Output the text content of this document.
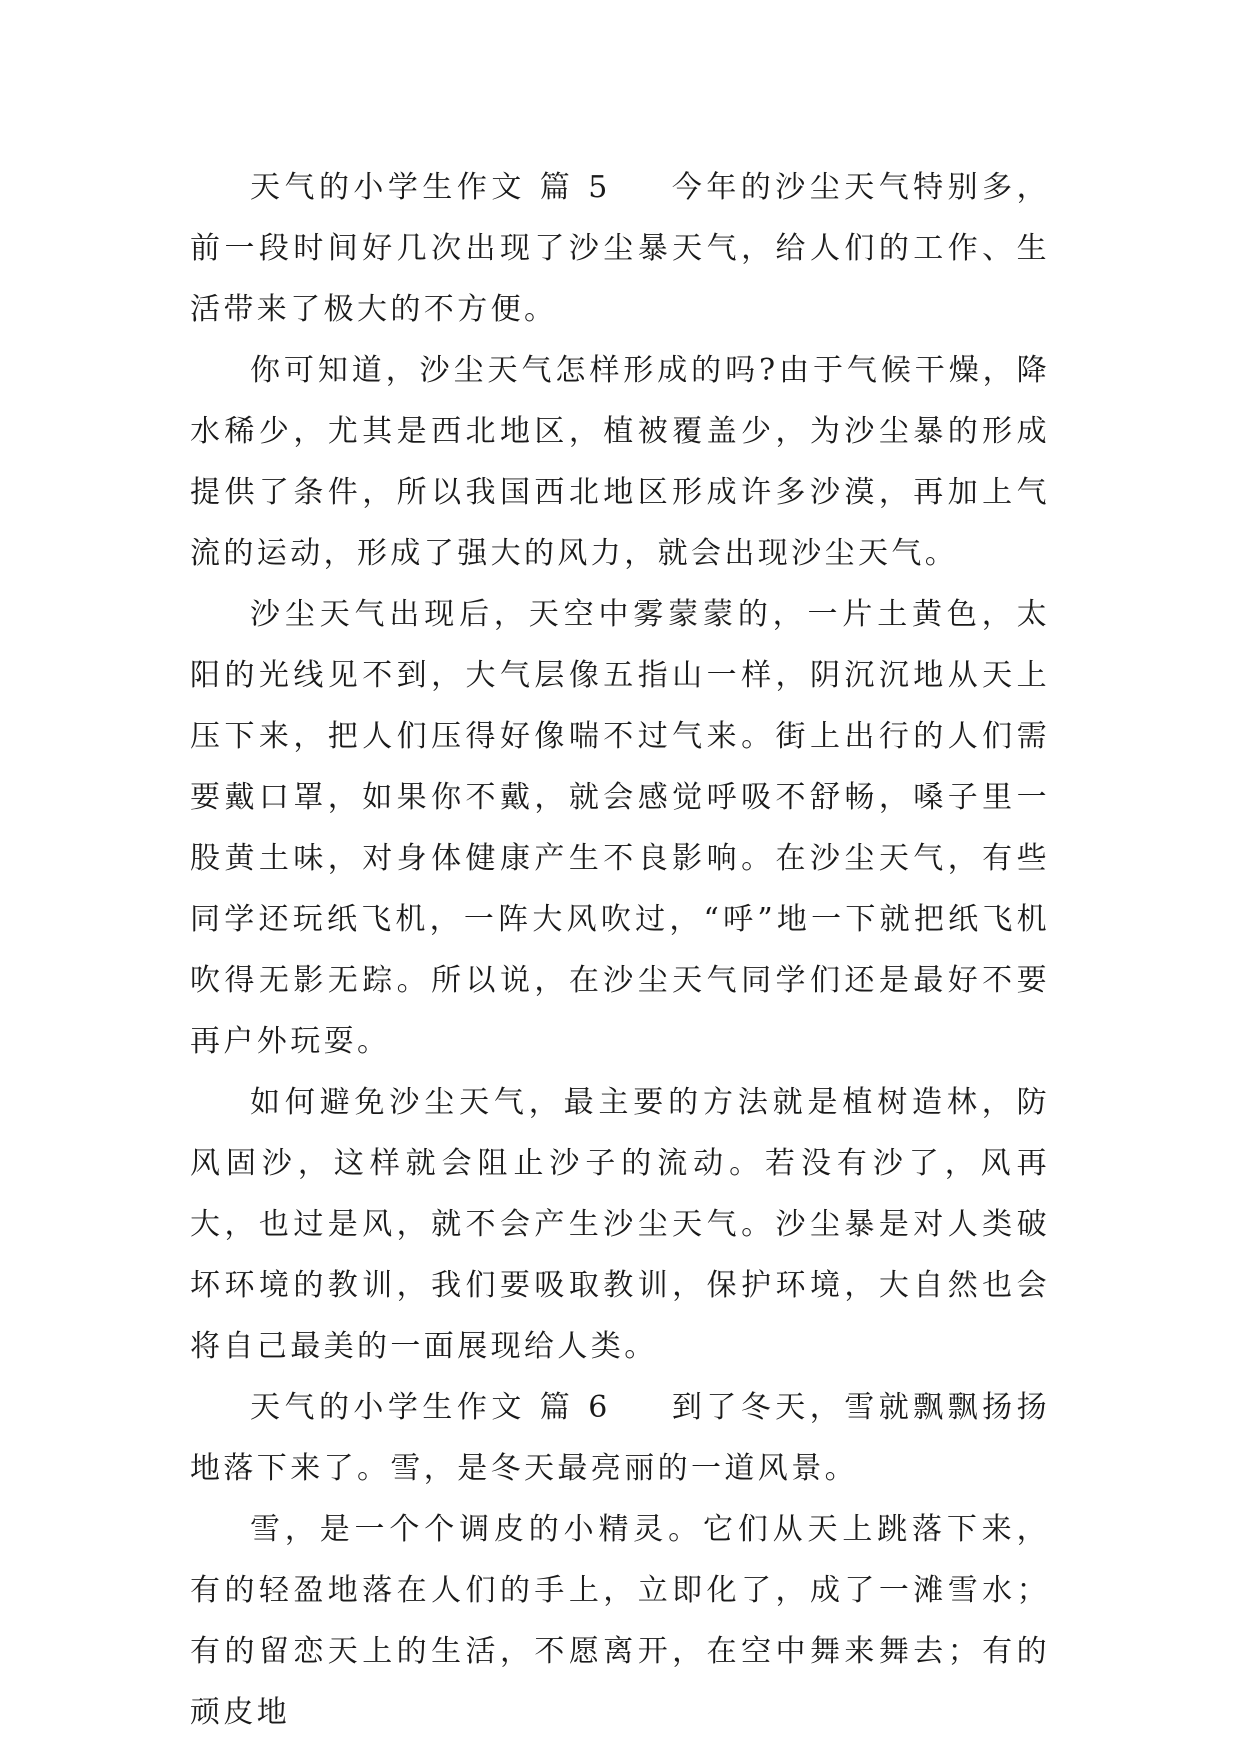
天气的小学生作文 篇 5 今年的沙尘天气特别多，前一段时间好几次出现了沙尘暴天气，给人们的工作、生活带来了极大的不方便。

你可知道，沙尘天气怎样形成的吗?由于气候干燥，降水稀少，尤其是西北地区，植被覆盖少，为沙尘暴的形成提供了条件，所以我国西北地区形成许多沙漠，再加上气流的运动，形成了强大的风力，就会出现沙尘天气。

沙尘天气出现后，天空中雾蒙蒙的，一片土黄色，太阳的光线见不到，大气层像五指山一样，阴沉沉地从天上压下来，把人们压得好像喘不过气来。街上出行的人们需要戴口罩，如果你不戴，就会感觉呼吸不舒畅，嗓子里一股黄土味，对身体健康产生不良影响。在沙尘天气，有些同学还玩纸飞机，一阵大风吹过，“呼”地一下就把纸飞机吹得无影无踪。所以说，在沙尘天气同学们还是最好不要再户外玩耍。

如何避免沙尘天气，最主要的方法就是植树造林，防风固沙，这样就会阻止沙子的流动。若没有沙了，风再大，也过是风，就不会产生沙尘天气。沙尘暴是对人类破坏环境的教训，我们要吸取教训，保护环境，大自然也会将自己最美的一面展现给人类。

天气的小学生作文 篇 6 到了冬天，雪就飘飘扬扬地落下来了。雪，是冬天最亮丽的一道风景。

雪，是一个个调皮的小精灵。它们从天上跳落下来，有的轻盈地落在人们的手上，立即化了，成了一滩雪水；有的留恋天上的生活，不愿离开，在空中舞来舞去；有的顽皮地
